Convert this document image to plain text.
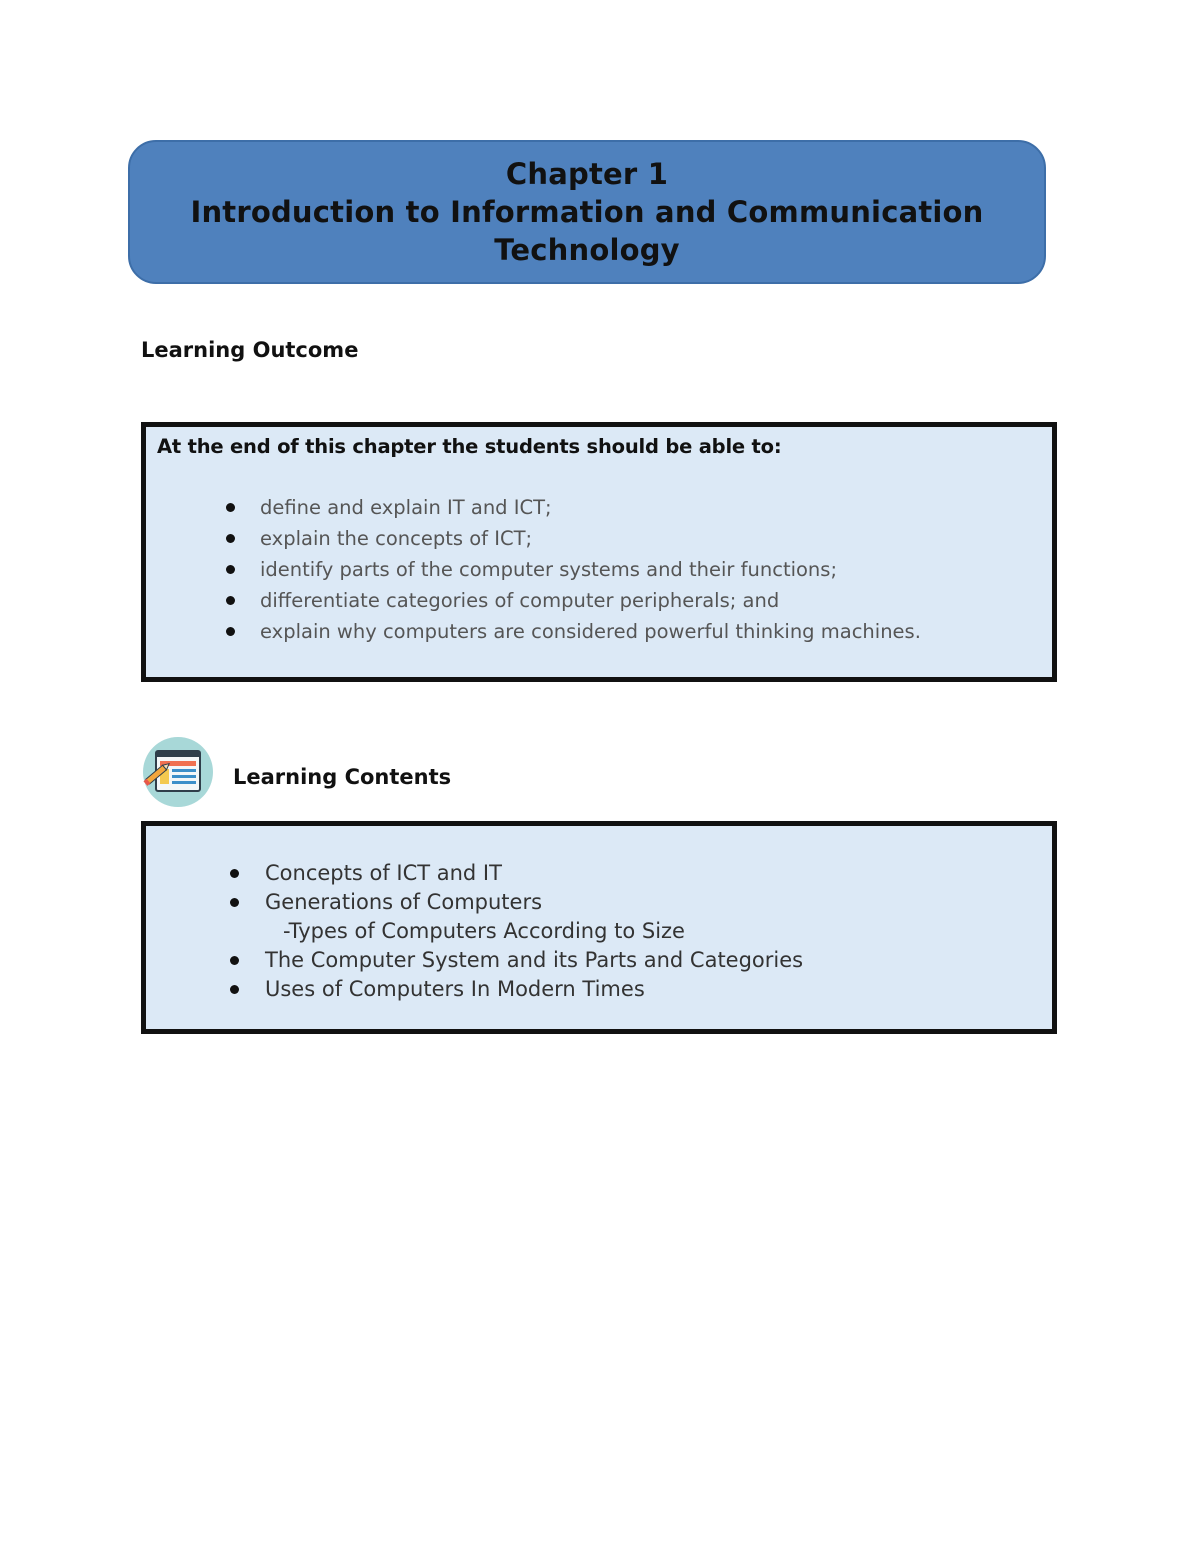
Chapter 1
Introduction to Information and Communication
Technology
Learning Outcome
At the end of this chapter the students should be able to:
define and explain IT and ICT;
explain the concepts of ICT;
identify parts of the computer systems and their functions;
differentiate categories of computer peripherals; and
explain why computers are considered powerful thinking machines.
Learning Contents
Concepts of ICT and IT
Generations of Computers
-Types of Computers According to Size
The Computer System and its Parts and Categories
Uses of Computers In Modern Times
